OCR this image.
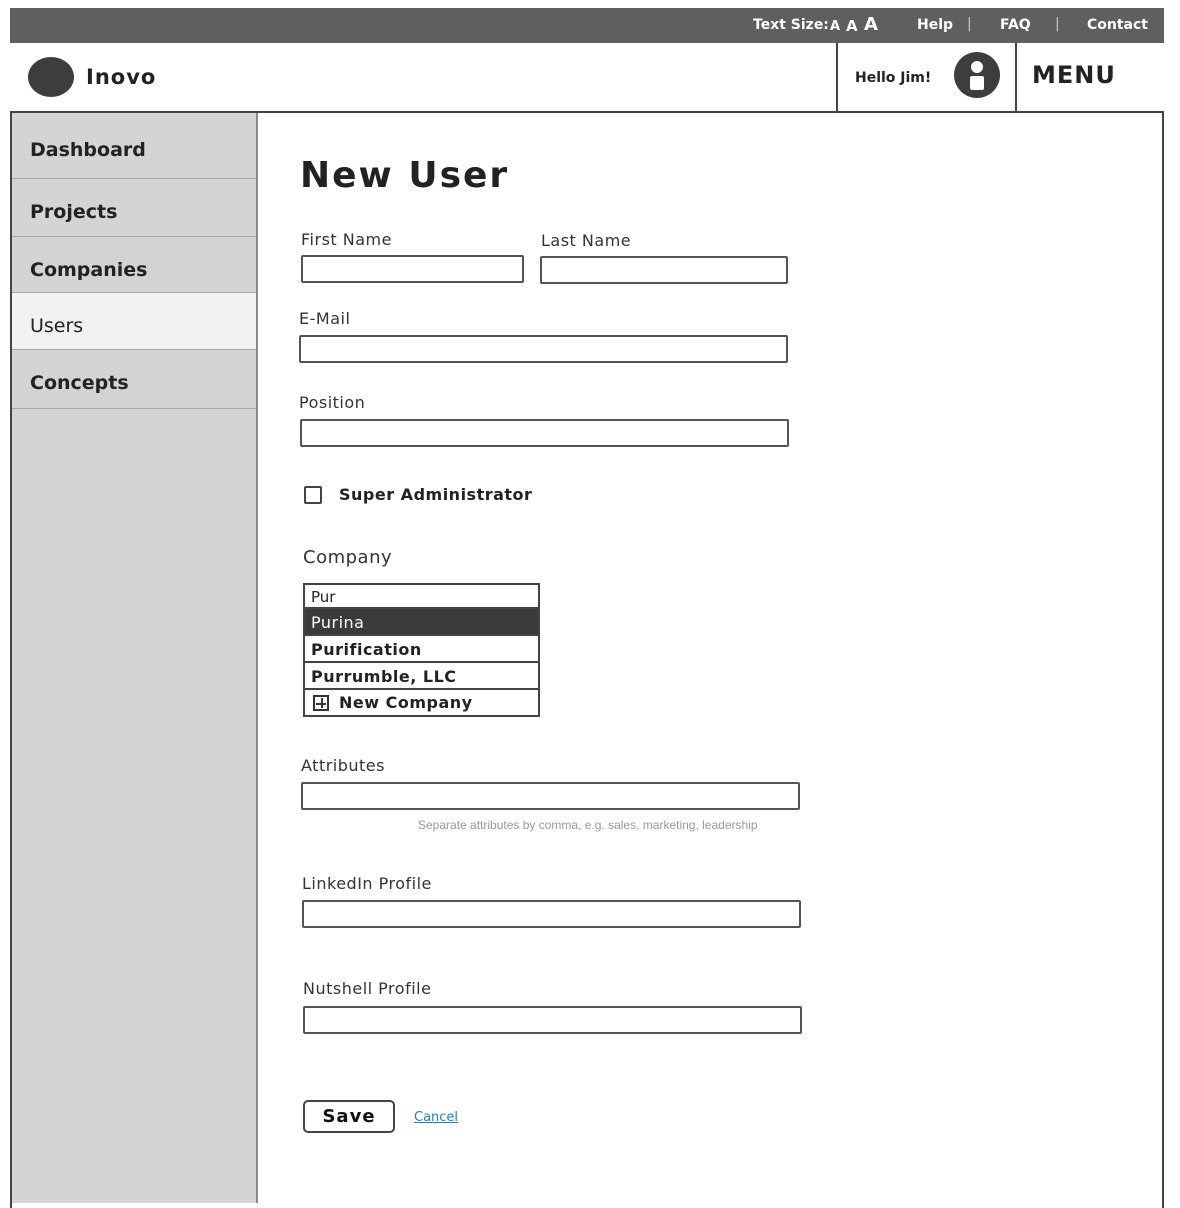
Text Size: A A A	Help | FAQ | Contact
Inovo	Hello Jim!	MENU
Dashboard
Projects
Companies
Users
Concepts
New User
First Name	Last Name
E-Mail
Position
Super Administrator
Company
Pur
Purina
Purification
Purrumble, LLC
New Company
Attributes
Separate attributes by comma, e.g. sales, marketing, leadership
LinkedIn Profile
Nutshell Profile
Save	Cancel
